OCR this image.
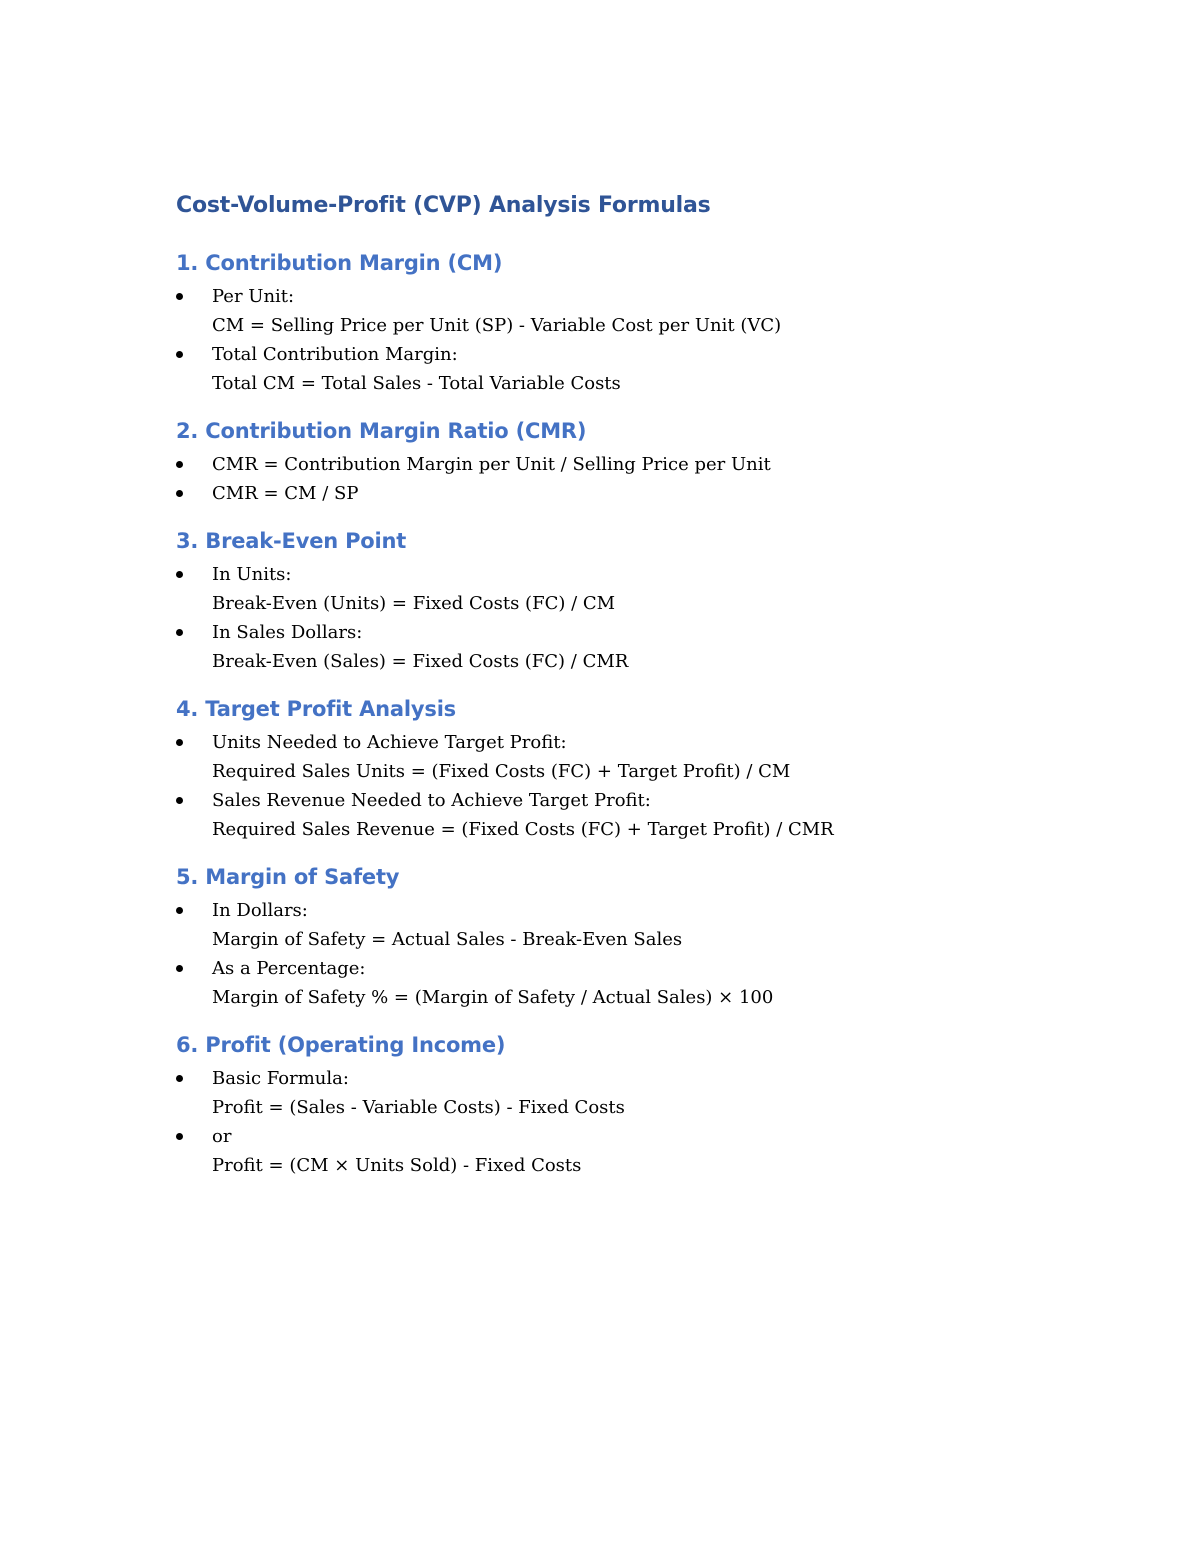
Cost-Volume-Profit (CVP) Analysis Formulas
1. Contribution Margin (CM)
Per Unit:
CM = Selling Price per Unit (SP) - Variable Cost per Unit (VC)
Total Contribution Margin:
Total CM = Total Sales - Total Variable Costs
2. Contribution Margin Ratio (CMR)
CMR = Contribution Margin per Unit / Selling Price per Unit
CMR = CM / SP
3. Break-Even Point
In Units:
Break-Even (Units) = Fixed Costs (FC) / CM
In Sales Dollars:
Break-Even (Sales) = Fixed Costs (FC) / CMR
4. Target Profit Analysis
Units Needed to Achieve Target Profit:
Required Sales Units = (Fixed Costs (FC) + Target Profit) / CM
Sales Revenue Needed to Achieve Target Profit:
Required Sales Revenue = (Fixed Costs (FC) + Target Profit) / CMR
5. Margin of Safety
In Dollars:
Margin of Safety = Actual Sales - Break-Even Sales
As a Percentage:
Margin of Safety % = (Margin of Safety / Actual Sales) × 100
6. Profit (Operating Income)
Basic Formula:
Profit = (Sales - Variable Costs) - Fixed Costs
or
Profit = (CM × Units Sold) - Fixed Costs
